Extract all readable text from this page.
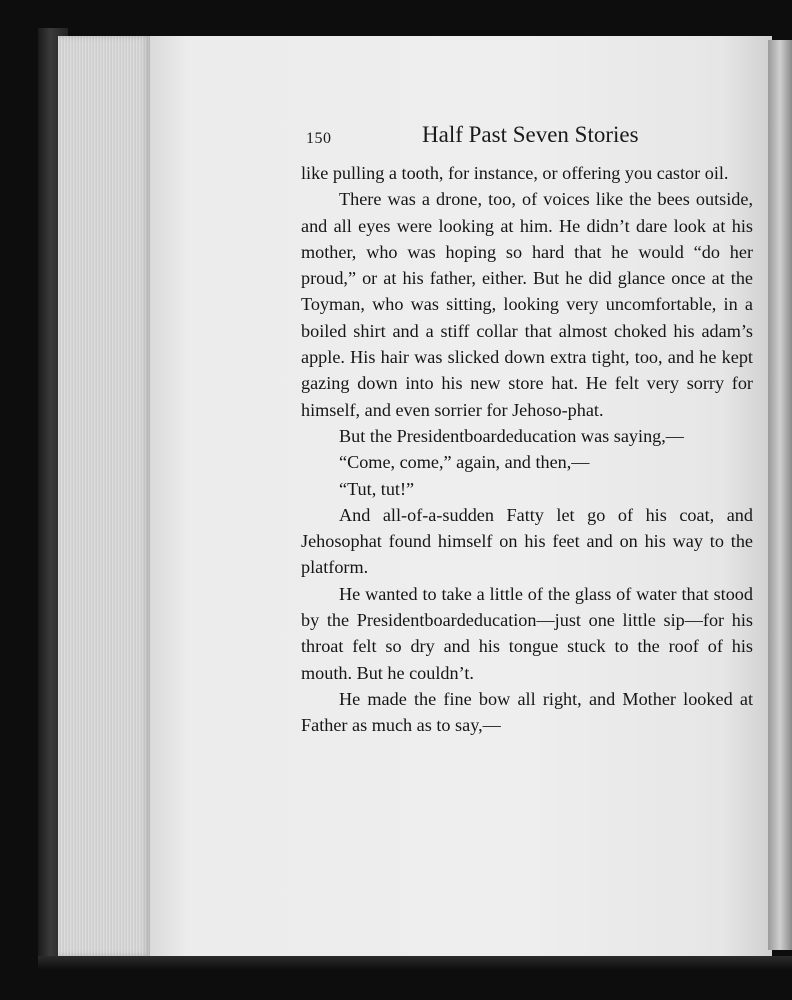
150	Half Past Seven Stories

like pulling a tooth, for instance, or offering you castor oil.

There was a drone, too, of voices like the bees outside, and all eyes were looking at him. He didn’t dare look at his mother, who was hoping so hard that he would “do her proud,” or at his father, either. But he did glance once at the Toyman, who was sitting, looking very uncomfortable, in a boiled shirt and a stiff collar that almost choked his adam’s apple. His hair was slicked down extra tight, too, and he kept gazing down into his new store hat. He felt very sorry for himself, and even sorrier for Jehoso-phat.

But the Presidentboardeducation was saying,—

“Come, come,” again, and then,—

“Tut, tut!”

And all-of-a-sudden Fatty let go of his coat, and Jehosophat found himself on his feet and on his way to the platform.

He wanted to take a little of the glass of water that stood by the Presidentboardeducation—just one little sip—for his throat felt so dry and his tongue stuck to the roof of his mouth. But he couldn’t.

He made the fine bow all right, and Mother looked at Father as much as to say,—
